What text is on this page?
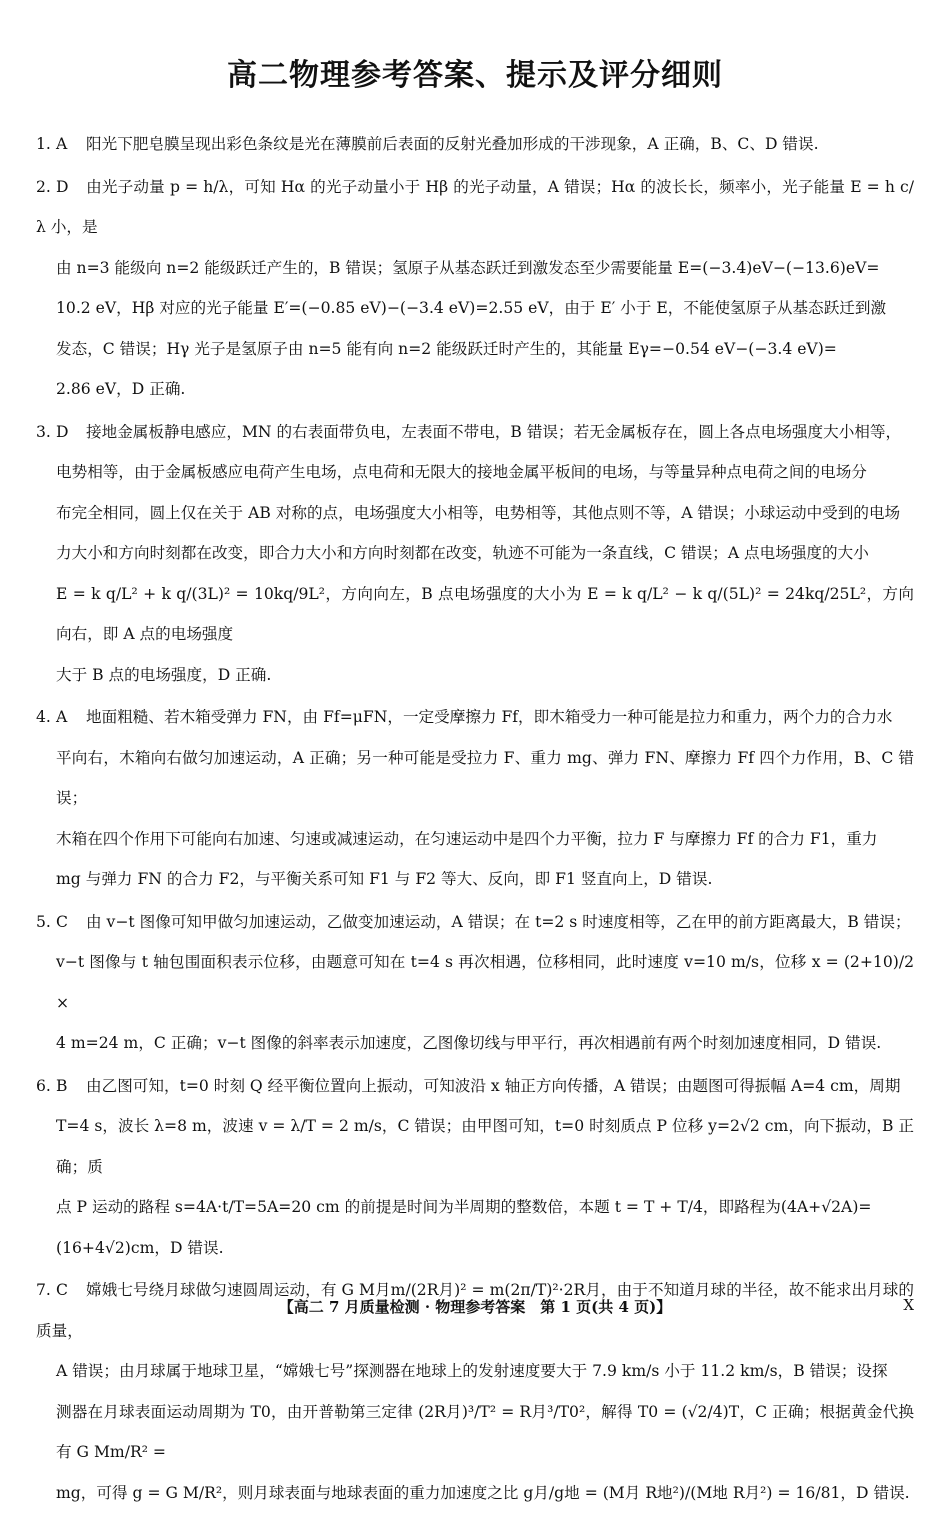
高二物理参考答案、提示及评分细则
1. A 阳光下肥皂膜呈现出彩色条纹是光在薄膜前后表面的反射光叠加形成的干涉现象，A 正确，B、C、D 错误.
2. D 由光子动量 p = h/λ，可知 Hα 的光子动量小于 Hβ 的光子动量，A 错误；Hα 的波长长，频率小，光子能量 E = h c/λ 小，是
由 n=3 能级向 n=2 能级跃迁产生的，B 错误；氢原子从基态跃迁到激发态至少需要能量 E=(−3.4)eV−(−13.6)eV=
10.2 eV，Hβ 对应的光子能量 E′=(−0.85 eV)−(−3.4 eV)=2.55 eV，由于 E′ 小于 E，不能使氢原子从基态跃迁到激
发态，C 错误；Hγ 光子是氢原子由 n=5 能有向 n=2 能级跃迁时产生的，其能量 Eγ=−0.54 eV−(−3.4 eV)=
2.86 eV，D 正确.
3. D 接地金属板静电感应，MN 的右表面带负电，左表面不带电，B 错误；若无金属板存在，圆上各点电场强度大小相等，
电势相等，由于金属板感应电荷产生电场，点电荷和无限大的接地金属平板间的电场，与等量异种点电荷之间的电场分
布完全相同，圆上仅在关于 AB 对称的点，电场强度大小相等，电势相等，其他点则不等，A 错误；小球运动中受到的电场
力大小和方向时刻都在改变，即合力大小和方向时刻都在改变，轨迹不可能为一条直线，C 错误；A 点电场强度的大小
E = k q/L² + k q/(3L)² = 10kq/9L²，方向向左，B 点电场强度的大小为 E = k q/L² − k q/(5L)² = 24kq/25L²，方向向右，即 A 点的电场强度
大于 B 点的电场强度，D 正确.
4. A 地面粗糙、若木箱受弹力 FN，由 Ff=μFN，一定受摩擦力 Ff，即木箱受力一种可能是拉力和重力，两个力的合力水
平向右，木箱向右做匀加速运动，A 正确；另一种可能是受拉力 F、重力 mg、弹力 FN、摩擦力 Ff 四个力作用，B、C 错误；
木箱在四个作用下可能向右加速、匀速或减速运动，在匀速运动中是四个力平衡，拉力 F 与摩擦力 Ff 的合力 F1，重力
mg 与弹力 FN 的合力 F2，与平衡关系可知 F1 与 F2 等大、反向，即 F1 竖直向上，D 错误.
5. C 由 v−t 图像可知甲做匀加速运动，乙做变加速运动，A 错误；在 t=2 s 时速度相等，乙在甲的前方距离最大，B 错误；
v−t 图像与 t 轴包围面积表示位移，由题意可知在 t=4 s 再次相遇，位移相同，此时速度 v=10 m/s，位移 x = (2+10)/2 ×
4 m=24 m，C 正确；v−t 图像的斜率表示加速度，乙图像切线与甲平行，再次相遇前有两个时刻加速度相同，D 错误.
6. B 由乙图可知，t=0 时刻 Q 经平衡位置向上振动，可知波沿 x 轴正方向传播，A 错误；由题图可得振幅 A=4 cm，周期
T=4 s，波长 λ=8 m，波速 v = λ/T = 2 m/s，C 错误；由甲图可知，t=0 时刻质点 P 位移 y=2√2 cm，向下振动，B 正确；质
点 P 运动的路程 s=4A·t/T=5A=20 cm 的前提是时间为半周期的整数倍，本题 t = T + T/4，即路程为(4A+√2A)=
(16+4√2)cm，D 错误.
7. C 嫦娥七号绕月球做匀速圆周运动，有 G M月m/(2R月)² = m(2π/T)²·2R月，由于不知道月球的半径，故不能求出月球的质量，
A 错误；由月球属于地球卫星，“嫦娥七号”探测器在地球上的发射速度要大于 7.9 km/s 小于 11.2 km/s，B 错误；设探
测器在月球表面运动周期为 T0，由开普勒第三定律 (2R月)³/T² = R月³/T0²，解得 T0 = (√2/4)T，C 正确；根据黄金代换有 G Mm/R² =
mg，可得 g = G M/R²，则月球表面与地球表面的重力加速度之比 g月/g地 = (M月 R地²)/(M地 R月²) = 16/81，D 错误.
【高二 7 月质量检测 · 物理参考答案　第 1 页(共 4 页)】	X
